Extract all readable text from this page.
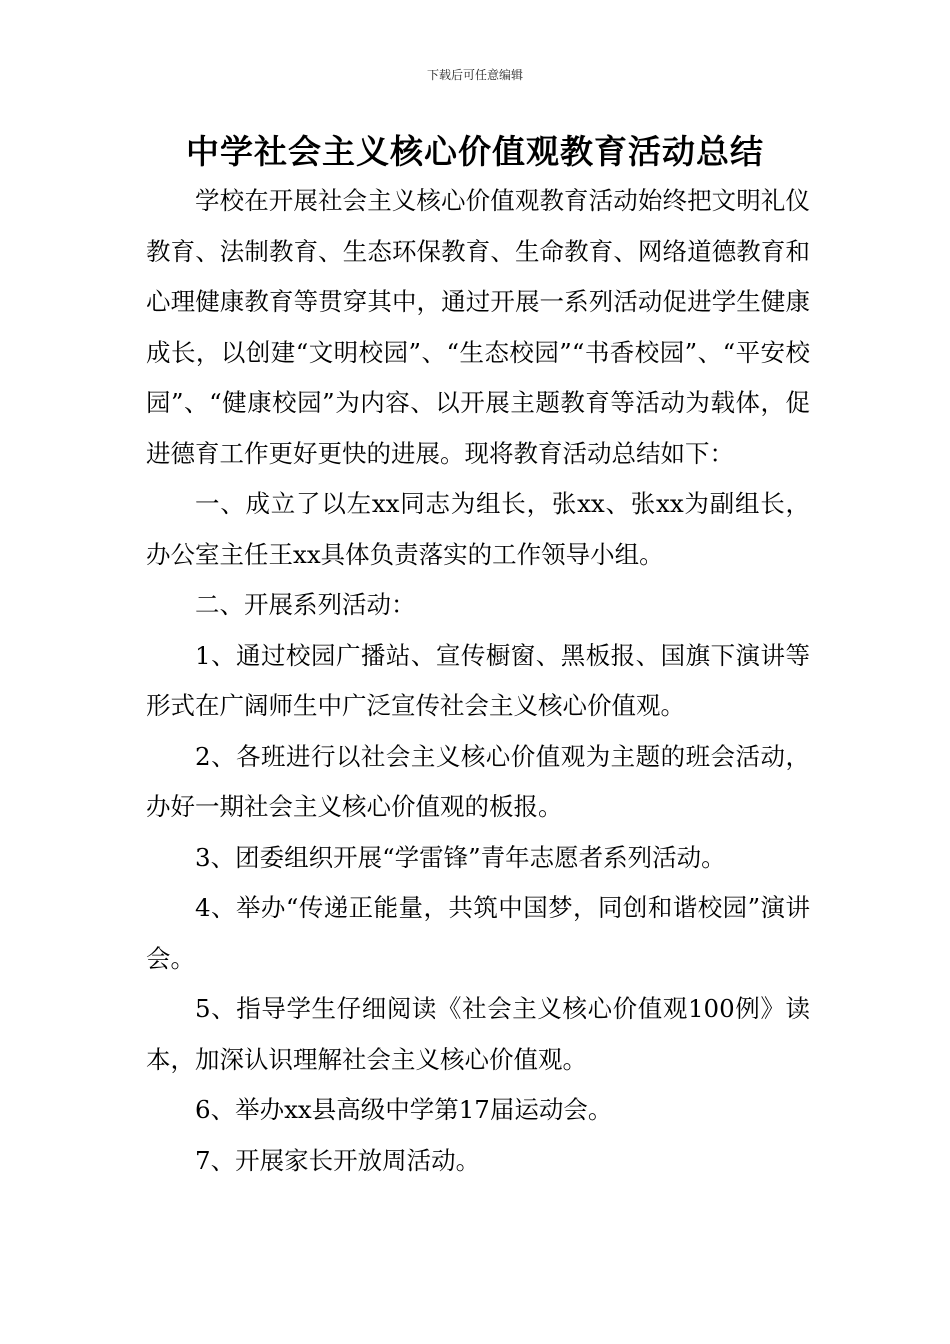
下载后可任意编辑
中学社会主义核心价值观教育活动总结

学校在开展社会主义核心价值观教育活动始终把文明礼仪教育、法制教育、生态环保教育、生命教育、网络道德教育和心理健康教育等贯穿其中，通过开展一系列活动促进学生健康成长，以创建“文明校园”、“生态校园”“书香校园”、“平安校园”、“健康校园”为内容、以开展主题教育等活动为载体，促进德育工作更好更快的进展。现将教育活动总结如下：

一、成立了以左xx同志为组长，张xx、张xx为副组长，办公室主任王xx具体负责落实的工作领导小组。

二、开展系列活动：

1、通过校园广播站、宣传橱窗、黑板报、国旗下演讲等形式在广阔师生中广泛宣传社会主义核心价值观。

2、各班进行以社会主义核心价值观为主题的班会活动，办好一期社会主义核心价值观的板报。

3、团委组织开展“学雷锋”青年志愿者系列活动。

4、举办“传递正能量，共筑中国梦，同创和谐校园”演讲会。

5、指导学生仔细阅读《社会主义核心价值观100例》读本，加深认识理解社会主义核心价值观。

6、举办xx县高级中学第17届运动会。

7、开展家长开放周活动。
